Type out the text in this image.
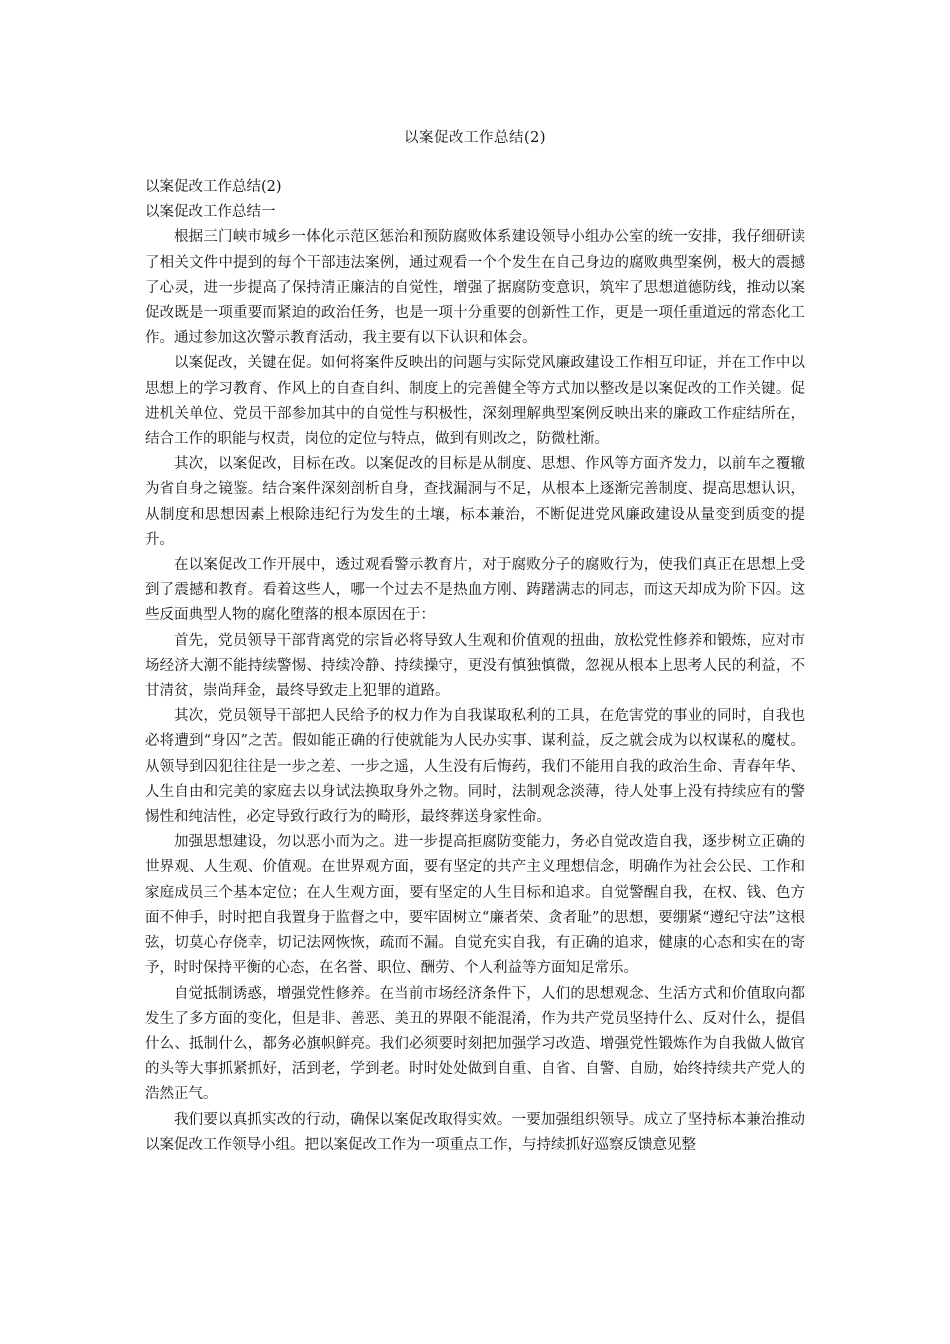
以案促改工作总结(2)

以案促改工作总结(2)

以案促改工作总结一

根据三门峡市城乡一体化示范区惩治和预防腐败体系建设领导小组办公室的统一安排，我仔细研读了相关文件中提到的每个干部违法案例，通过观看一个个发生在自己身边的腐败典型案例，极大的震撼了心灵，进一步提高了保持清正廉洁的自觉性，增强了据腐防变意识，筑牢了思想道德防线，推动以案促改既是一项重要而紧迫的政治任务，也是一项十分重要的创新性工作，更是一项任重道远的常态化工作。通过参加这次警示教育活动，我主要有以下认识和体会。

以案促改，关键在促。如何将案件反映出的问题与实际党风廉政建设工作相互印证，并在工作中以思想上的学习教育、作风上的自查自纠、制度上的完善健全等方式加以整改是以案促改的工作关键。促进机关单位、党员干部参加其中的自觉性与积极性，深刻理解典型案例反映出来的廉政工作症结所在，结合工作的职能与权责，岗位的定位与特点，做到有则改之，防微杜渐。

其次，以案促改，目标在改。以案促改的目标是从制度、思想、作风等方面齐发力，以前车之覆辙为省自身之镜鉴。结合案件深刻剖析自身，查找漏洞与不足，从根本上逐渐完善制度、提高思想认识，从制度和思想因素上根除违纪行为发生的土壤，标本兼治，不断促进党风廉政建设从量变到质变的提升。

在以案促改工作开展中，透过观看警示教育片，对于腐败分子的腐败行为，使我们真正在思想上受到了震撼和教育。看着这些人，哪一个过去不是热血方刚、踌躇满志的同志，而这天却成为阶下囚。这些反面典型人物的腐化堕落的根本原因在于：

首先，党员领导干部背离党的宗旨必将导致人生观和价值观的扭曲，放松党性修养和锻炼，应对市场经济大潮不能持续警惕、持续冷静、持续操守，更没有慎独慎微，忽视从根本上思考人民的利益，不甘清贫，崇尚拜金，最终导致走上犯罪的道路。

其次，党员领导干部把人民给予的权力作为自我谋取私利的工具，在危害党的事业的同时，自我也必将遭到“身囚”之苦。假如能正确的行使就能为人民办实事、谋利益，反之就会成为以权谋私的魔杖。从领导到囚犯往往是一步之差、一步之遥，人生没有后悔药，我们不能用自我的政治生命、青春年华、人生自由和完美的家庭去以身试法换取身外之物。同时，法制观念淡薄，待人处事上没有持续应有的警惕性和纯洁性，必定导致行政行为的畸形，最终葬送身家性命。

加强思想建设，勿以恶小而为之。进一步提高拒腐防变能力，务必自觉改造自我，逐步树立正确的世界观、人生观、价值观。在世界观方面，要有坚定的共产主义理想信念，明确作为社会公民、工作和家庭成员三个基本定位；在人生观方面，要有坚定的人生目标和追求。自觉警醒自我，在权、钱、色方面不伸手，时时把自我置身于监督之中，要牢固树立“廉者荣、贪者耻”的思想，要绷紧“遵纪守法”这根弦，切莫心存侥幸，切记法网恢恢，疏而不漏。自觉充实自我，有正确的追求，健康的心态和实在的寄予，时时保持平衡的心态，在名誉、职位、酬劳、个人利益等方面知足常乐。

自觉抵制诱惑，增强党性修养。在当前市场经济条件下，人们的思想观念、生活方式和价值取向都发生了多方面的变化，但是非、善恶、美丑的界限不能混淆，作为共产党员坚持什么、反对什么，提倡什么、抵制什么，都务必旗帜鲜亮。我们必须要时刻把加强学习改造、增强党性锻炼作为自我做人做官的头等大事抓紧抓好，活到老，学到老。时时处处做到自重、自省、自警、自励，始终持续共产党人的浩然正气。

我们要以真抓实改的行动，确保以案促改取得实效。一要加强组织领导。成立了坚持标本兼治推动以案促改工作领导小组。把以案促改工作为一项重点工作，与持续抓好巡察反馈意见整
